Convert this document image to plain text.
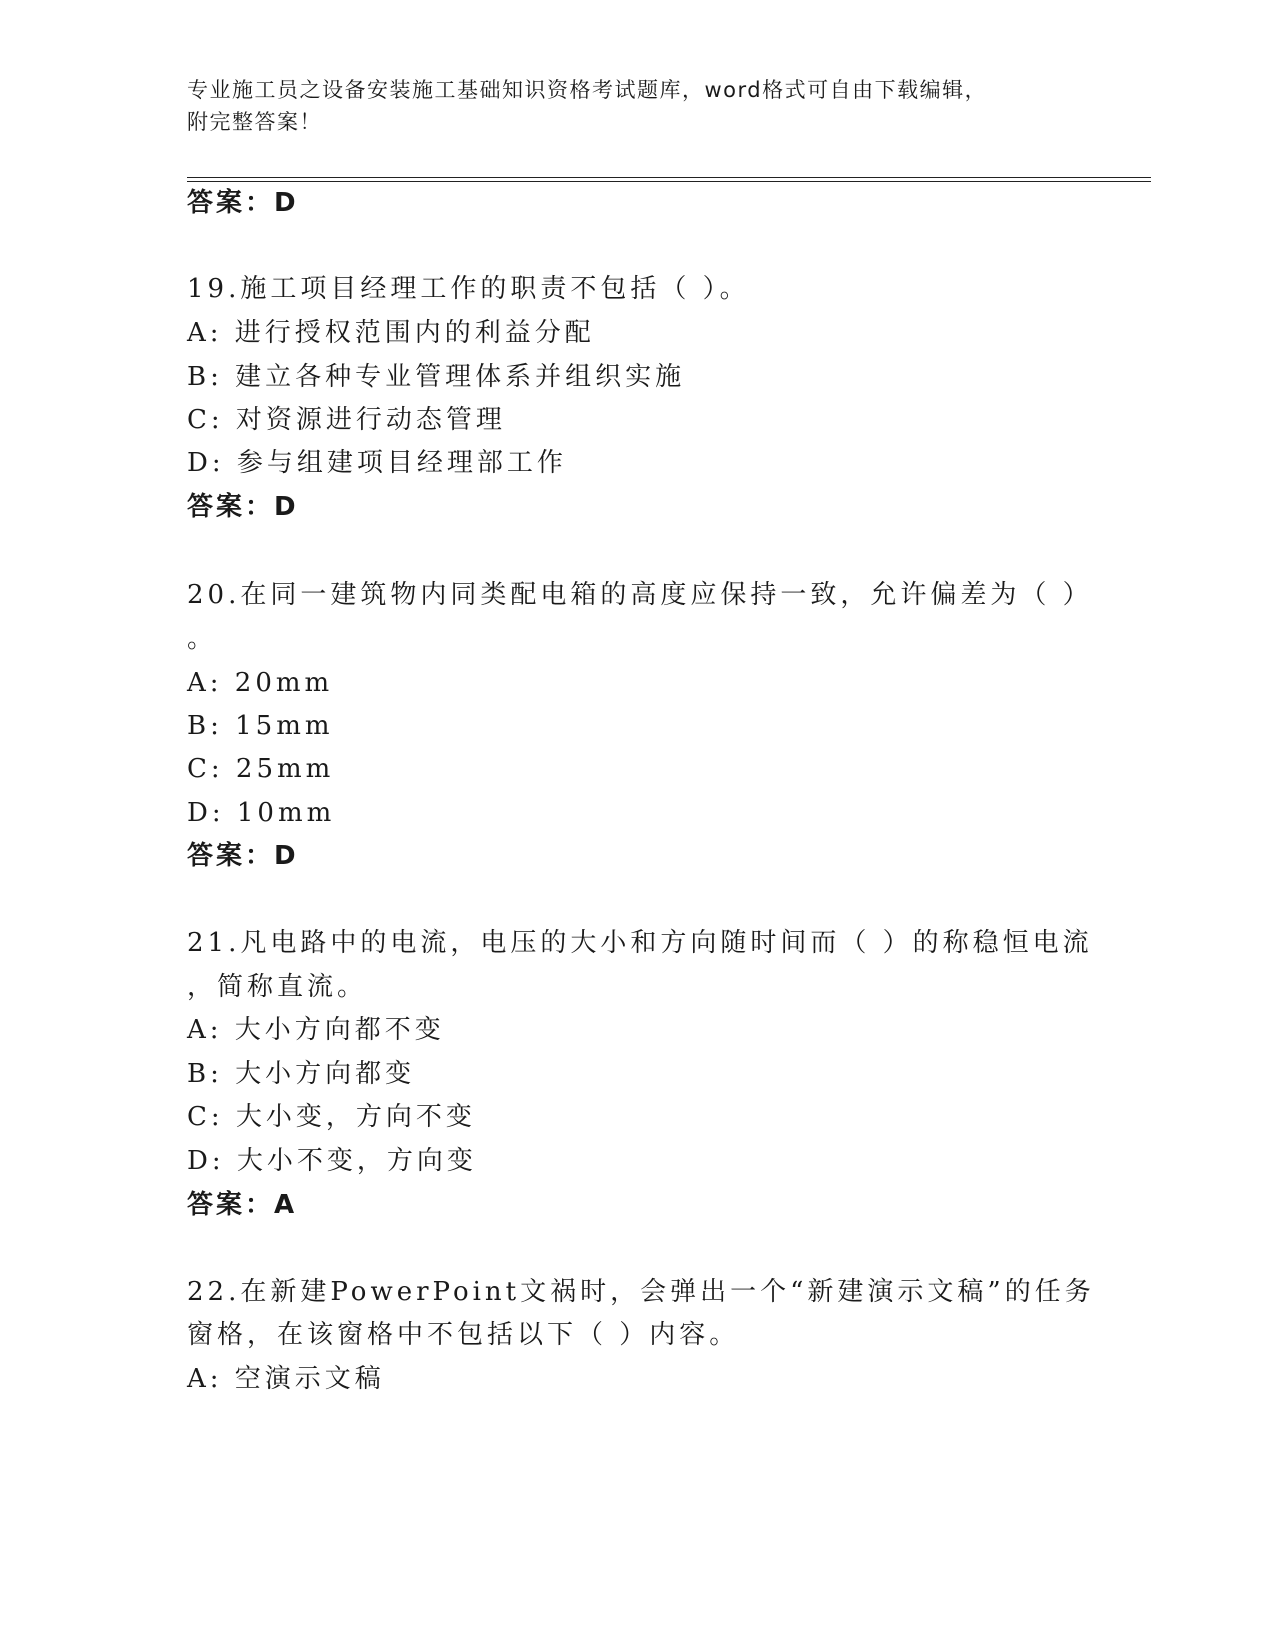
专业施工员之设备安装施工基础知识资格考试题库，word格式可自由下载编辑，
附完整答案！
答案：D
19.施工项目经理工作的职责不包括（ ）。
A: 进行授权范围内的利益分配
B: 建立各种专业管理体系并组织实施
C: 对资源进行动态管理
D: 参与组建项目经理部工作
答案：D
20.在同一建筑物内同类配电箱的高度应保持一致，允许偏差为（ ）
。
A: 20mm
B: 15mm
C: 25mm
D: 10mm
答案：D
21.凡电路中的电流，电压的大小和方向随时间而（ ）的称稳恒电流
，简称直流。
A: 大小方向都不变
B: 大小方向都变
C: 大小变，方向不变
D: 大小不变，方向变
答案：A
22.在新建PowerPoint文祸时，会弹出一个“新建演示文稿”的任务
窗格，在该窗格中不包括以下（ ）内容。
A: 空演示文稿
